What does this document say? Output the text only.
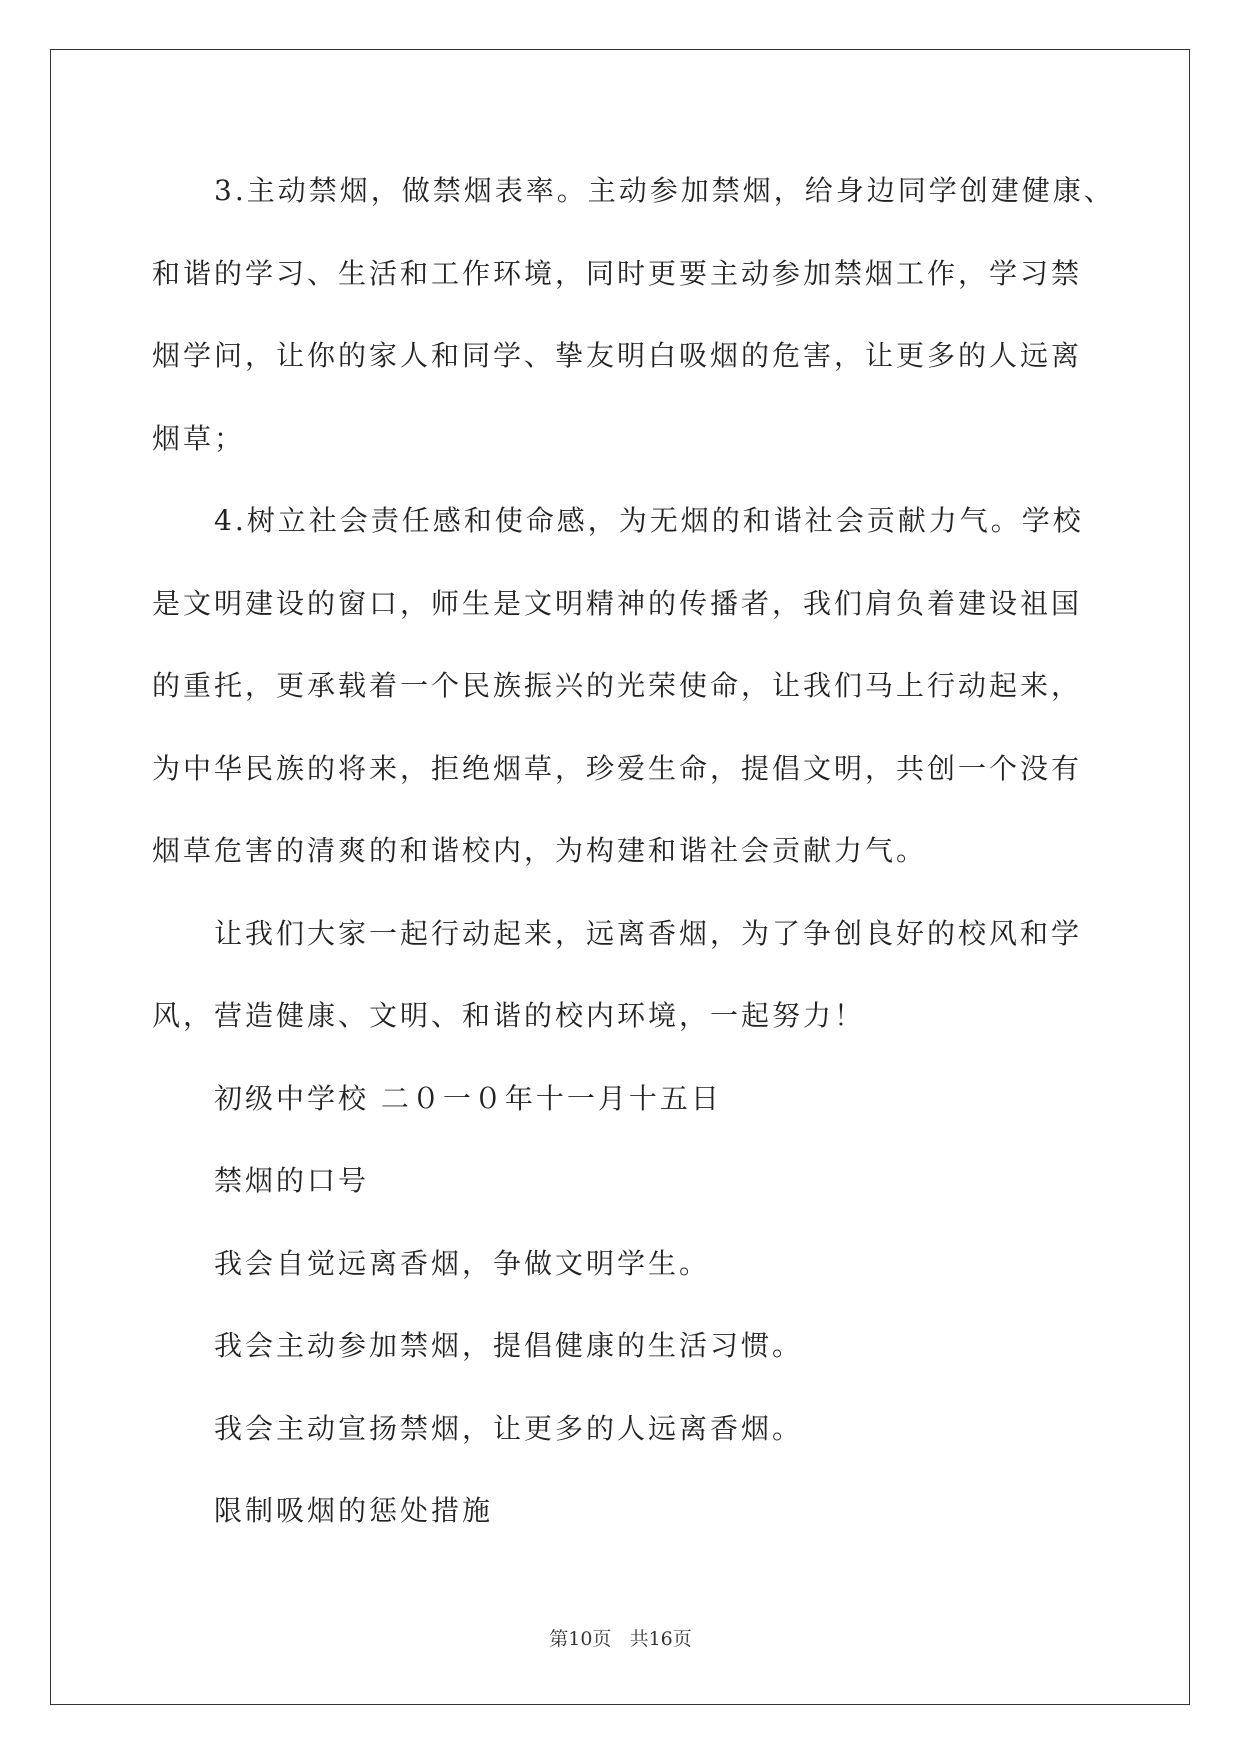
3.主动禁烟，做禁烟表率。主动参加禁烟，给身边同学创建健康、
和谐的学习、生活和工作环境，同时更要主动参加禁烟工作，学习禁
烟学问，让你的家人和同学、挚友明白吸烟的危害，让更多的人远离
烟草；
4.树立社会责任感和使命感，为无烟的和谐社会贡献力气。学校
是文明建设的窗口，师生是文明精神的传播者，我们肩负着建设祖国
的重托，更承载着一个民族振兴的光荣使命，让我们马上行动起来，
为中华民族的将来，拒绝烟草，珍爱生命，提倡文明，共创一个没有
烟草危害的清爽的和谐校内，为构建和谐社会贡献力气。
让我们大家一起行动起来，远离香烟，为了争创良好的校风和学
风，营造健康、文明、和谐的校内环境，一起努力！
初级中学校 二０一０年十一月十五日
禁烟的口号
我会自觉远离香烟，争做文明学生。
我会主动参加禁烟，提倡健康的生活习惯。
我会主动宣扬禁烟，让更多的人远离香烟。
限制吸烟的惩处措施
第10页 共16页
